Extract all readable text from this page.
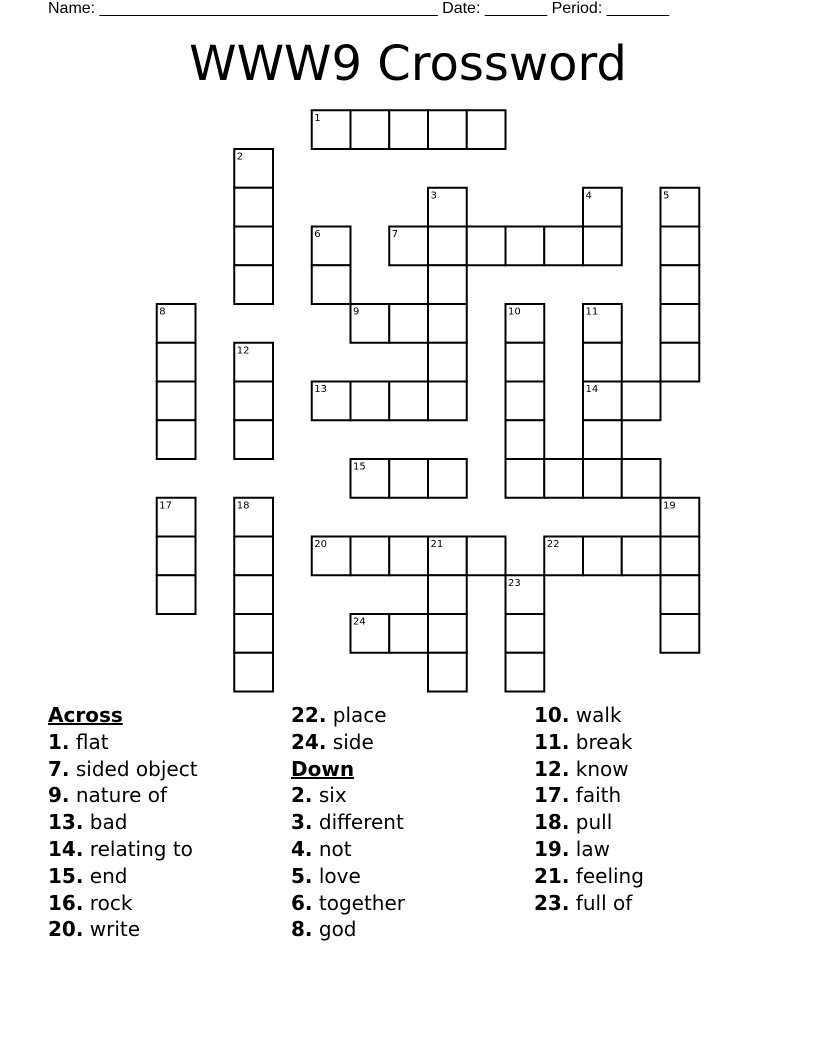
Name: ______________________________________ Date: _______ Period: _______
WWW9 Crossword
1
2
3	4	5
6	7
8	9	10	11
14
12
13
15
17	18	19
20	21	22
23
24
Across
1. flat
7. sided object
9. nature of
13. bad
14. relating to
15. end
16. rock
20. write
22. place
24. side
Down
2. six
3. different
4. not
5. love
6. together
8. god
10. walk
11. break
12. know
17. faith
18. pull
19. law
21. feeling
23. full of
